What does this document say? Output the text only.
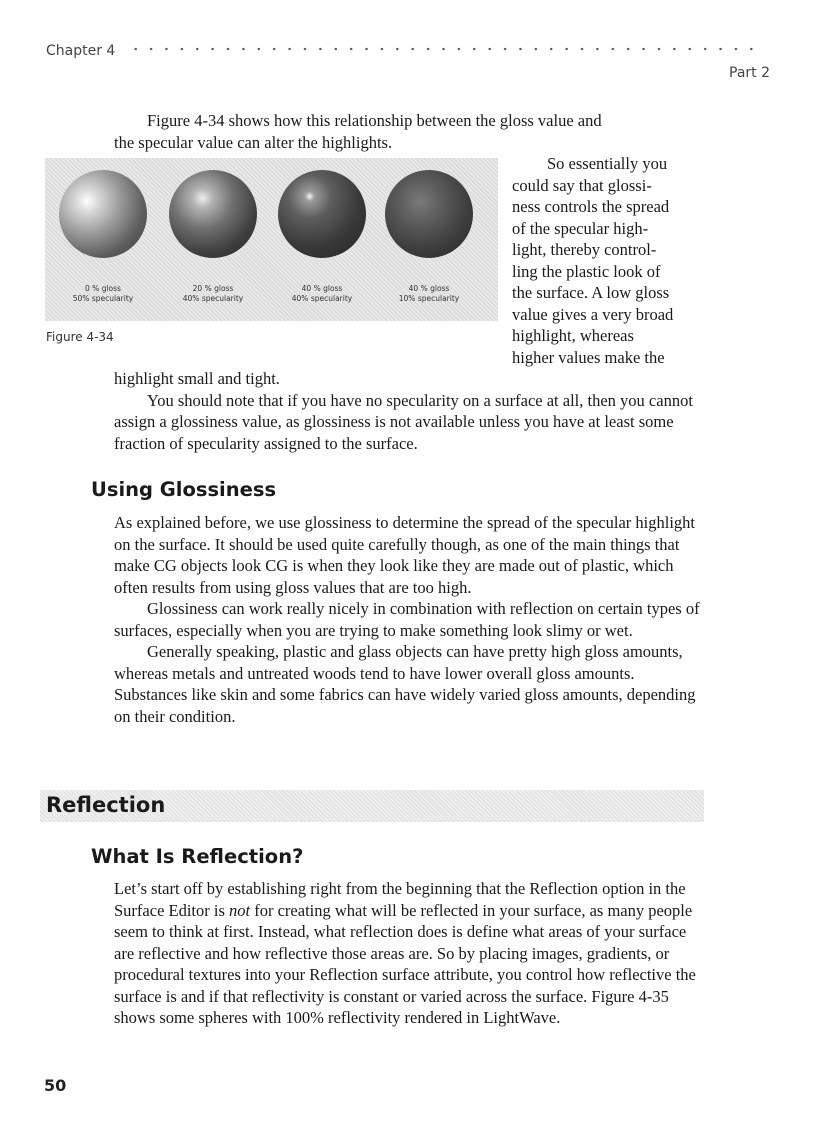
Chapter 4
Part 2
Figure 4-34 shows how this relationship between the gloss value and
the specular value can alter the highlights.
0 % gloss
50% specularity
20 % gloss
40% specularity
40 % gloss
40% specularity
40 % gloss
10% specularity
Figure 4-34
So essentially you
could say that glossi-
ness controls the spread
of the specular high-
light, thereby control-
ling the plastic look of
the surface. A low gloss
value gives a very broad
highlight, whereas
higher values make the
highlight small and tight.

You should note that if you have no specularity on a surface at all, then you cannot assign a glossiness value, as glossiness is not available unless you have at least some fraction of specularity assigned to the surface.

Using Glossiness

As explained before, we use glossiness to determine the spread of the specular highlight on the surface. It should be used quite carefully though, as one of the main things that make CG objects look CG is when they look like they are made out of plastic, which often results from using gloss values that are too high.

Glossiness can work really nicely in combination with reflection on certain types of surfaces, especially when you are trying to make something look slimy or wet.

Generally speaking, plastic and glass objects can have pretty high gloss amounts, whereas metals and untreated woods tend to have lower overall gloss amounts. Substances like skin and some fabrics can have widely varied gloss amounts, depending on their condition.

Reflection
What Is Reflection?

Let’s start off by establishing right from the beginning that the Reflection option in the Surface Editor is not for creating what will be reflected in your surface, as many people seem to think at first. Instead, what reflection does is define what areas of your surface are reflective and how reflective those areas are. So by placing images, gradients, or procedural textures into your Reflection surface attribute, you control how reflective the surface is and if that reflectivity is constant or varied across the surface. Figure 4-35 shows some spheres with 100% reflectivity rendered in LightWave.

50
